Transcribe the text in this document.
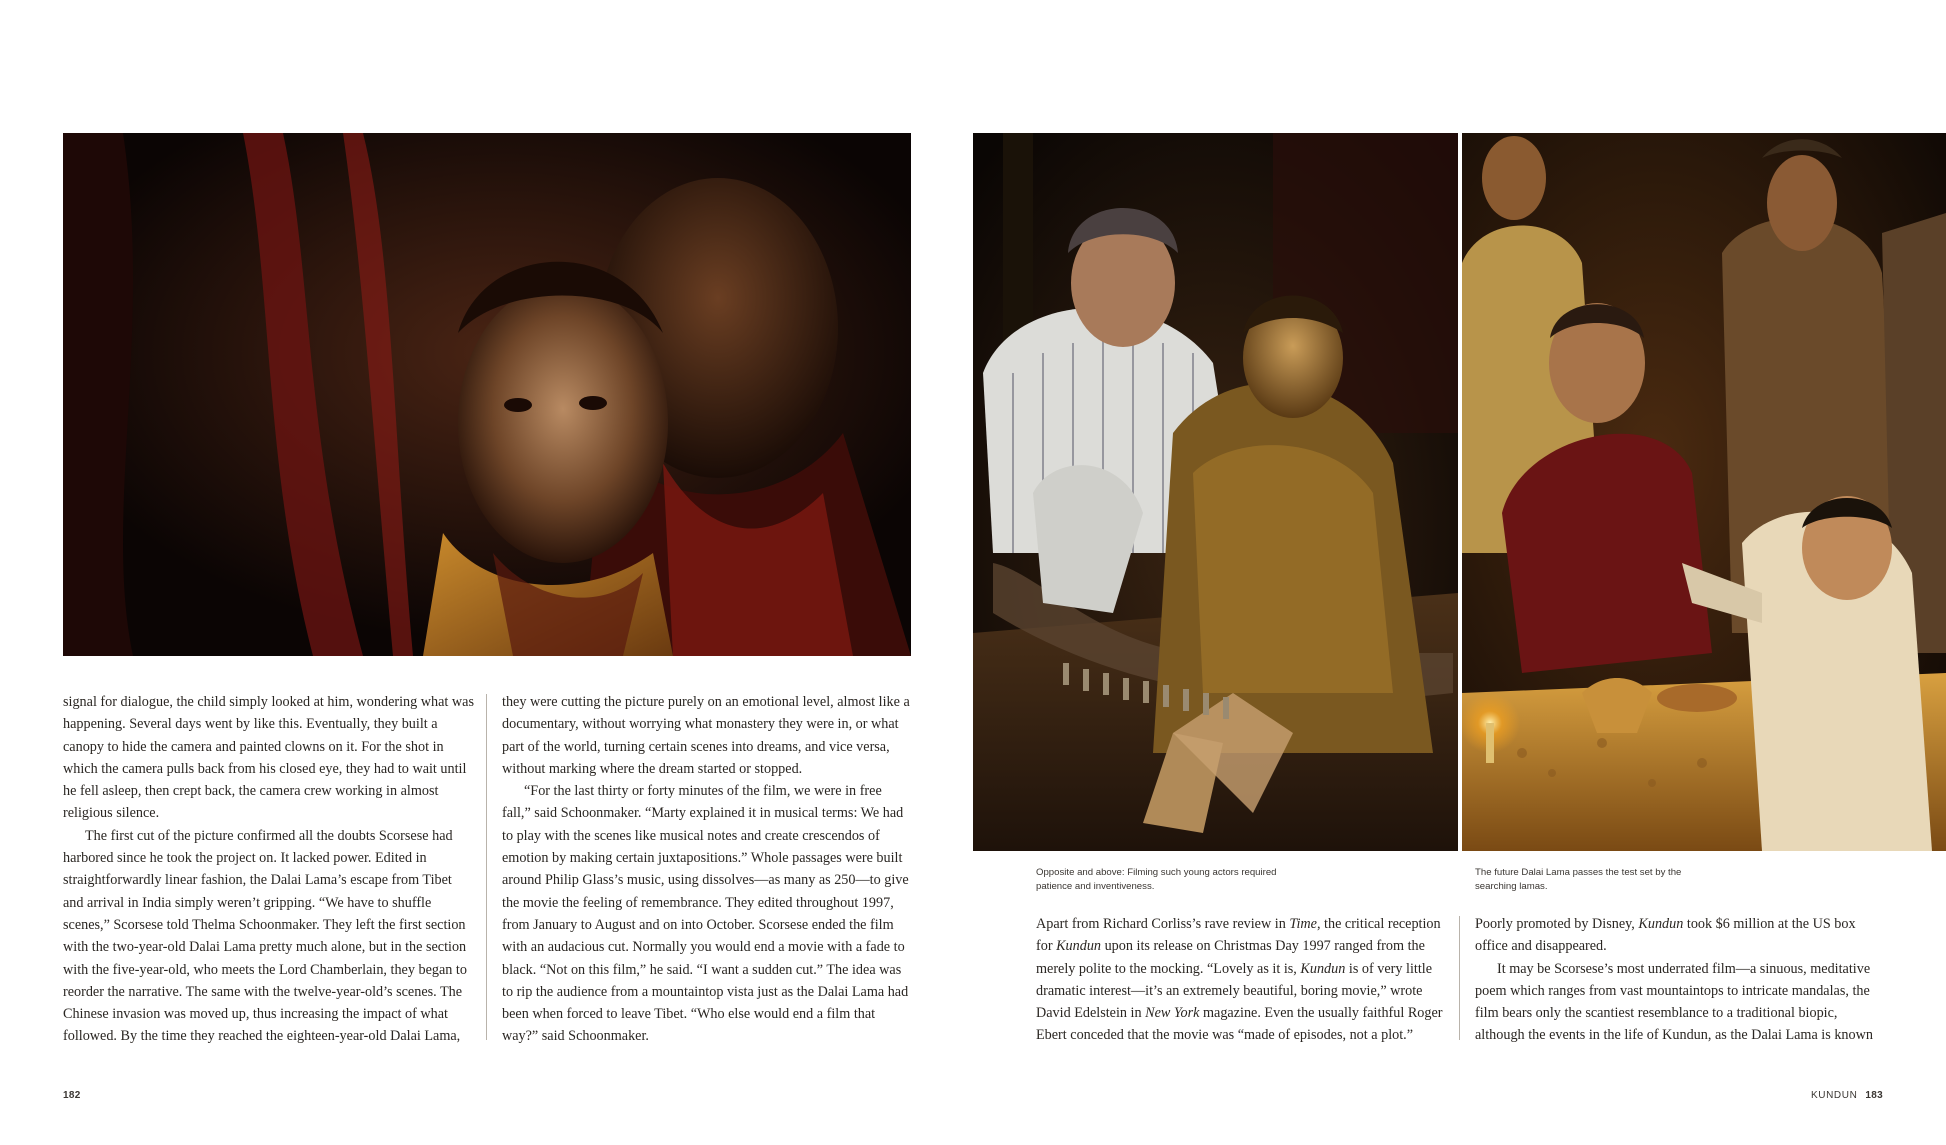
signal for dialogue, the child simply looked at him, wondering what was happening. Several days went by like this. Eventually, they built a canopy to hide the camera and painted clowns on it. For the shot in which the camera pulls back from his closed eye, they had to wait until he fell asleep, then crept back, the camera crew working in almost religious silence.

The first cut of the picture confirmed all the doubts Scorsese had harbored since he took the project on. It lacked power. Edited in straightforwardly linear fashion, the Dalai Lama’s escape from Tibet and arrival in India simply weren’t gripping. “We have to shuffle scenes,” Scorsese told Thelma Schoonmaker. They left the first section with the two-year-old Dalai Lama pretty much alone, but in the section with the five-year-old, who meets the Lord Chamberlain, they began to reorder the narrative. The same with the twelve-year-old’s scenes. The Chinese invasion was moved up, thus increasing the impact of what followed. By the time they reached the eighteen-year-old Dalai Lama,

they were cutting the picture purely on an emotional level, almost like a documentary, without worrying what monastery they were in, or what part of the world, turning certain scenes into dreams, and vice versa, without marking where the dream started or stopped.

“For the last thirty or forty minutes of the film, we were in free fall,” said Schoonmaker. “Marty explained it in musical terms: We had to play with the scenes like musical notes and create crescendos of emotion by making certain juxtapositions.” Whole passages were built around Philip Glass’s music, using dissolves—as many as 250—to give the movie the feeling of remembrance. They edited throughout 1997, from January to August and on into October. Scorsese ended the film with an audacious cut. Normally you would end a movie with a fade to black. “Not on this film,” he said. “I want a sudden cut.” The idea was to rip the audience from a mountaintop vista just as the Dalai Lama had been when forced to leave Tibet. “Who else would end a film that way?” said Schoonmaker.

182
Opposite and above: Filming such young actors required patience and inventiveness.
The future Dalai Lama passes the test set by the searching lamas.

Apart from Richard Corliss’s rave review in Time, the critical reception for Kundun upon its release on Christmas Day 1997 ranged from the merely polite to the mocking. “Lovely as it is, Kundun is of very little dramatic interest—it’s an extremely beautiful, boring movie,” wrote David Edelstein in New York magazine. Even the usually faithful Roger Ebert conceded that the movie was “made of episodes, not a plot.”

Poorly promoted by Disney, Kundun took $6 million at the US box office and disappeared.

It may be Scorsese’s most underrated film—a sinuous, meditative poem which ranges from vast mountaintops to intricate mandalas, the film bears only the scantiest resemblance to a traditional biopic, although the events in the life of Kundun, as the Dalai Lama is known

KUNDUN 183
